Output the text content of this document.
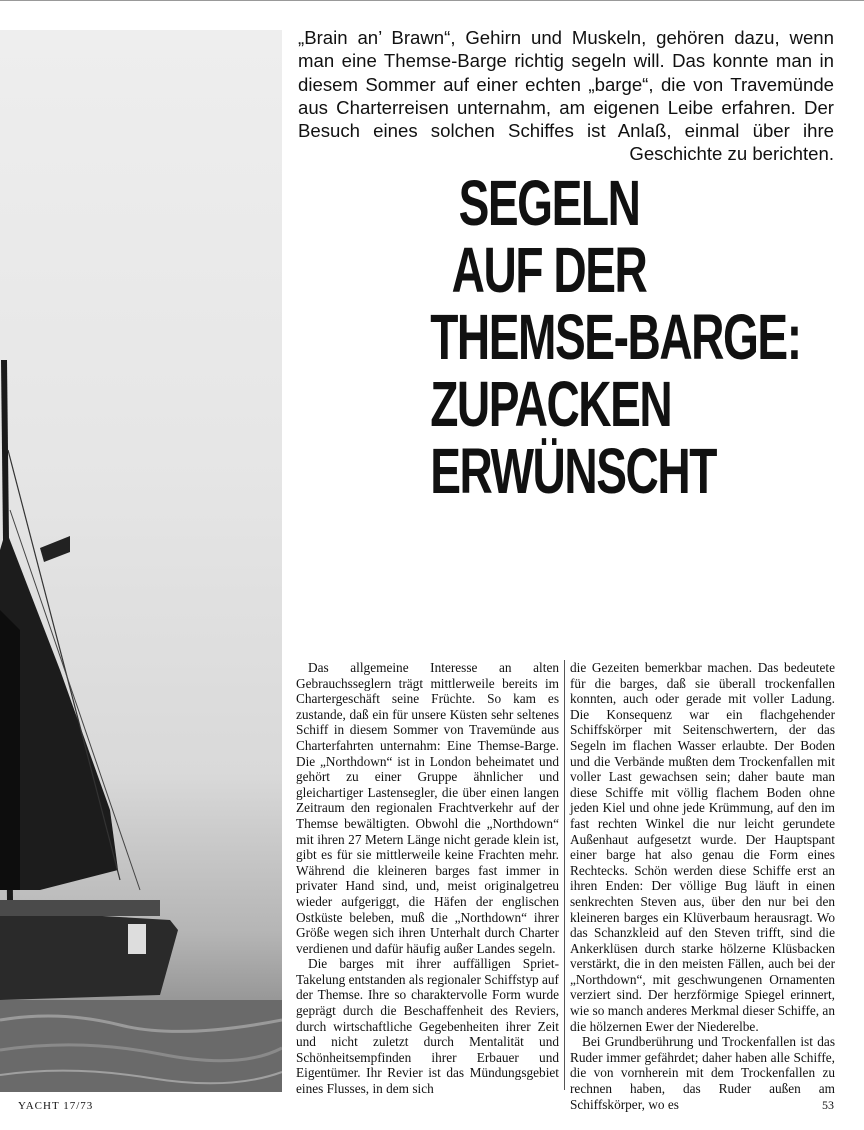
„Brain an’ Brawn“, Gehirn und Muskeln, gehören dazu, wenn man eine Themse-Barge richtig segeln will. Das konnte man in diesem Sommer auf einer echten „barge“, die von Travemünde aus Charterreisen unternahm, am eigenen Leibe erfahren. Der Besuch eines solchen Schiffes ist Anlaß, einmal über ihre Geschichte zu berichten.
SEGELN
AUF DER
THEMSE-BARGE:
ZUPACKEN
ERWÜNSCHT

Das allgemeine Interesse an alten Gebrauchsseglern trägt mittlerweile bereits im Chartergeschäft seine Früchte. So kam es zustande, daß ein für unsere Küsten sehr seltenes Schiff in diesem Sommer von Travemünde aus Charterfahrten unternahm: Eine Themse-Barge. Die „Northdown“ ist in London beheimatet und gehört zu einer Gruppe ähnlicher und gleichartiger Lastensegler, die über einen langen Zeitraum den regionalen Frachtverkehr auf der Themse bewältigten. Obwohl die „Northdown“ mit ihren 27 Metern Länge nicht gerade klein ist, gibt es für sie mittlerweile keine Frachten mehr. Während die kleineren barges fast immer in privater Hand sind, und, meist originalgetreu wieder aufgeriggt, die Häfen der englischen Ostküste beleben, muß die „Northdown“ ihrer Größe wegen sich ihren Unterhalt durch Charter verdienen und dafür häufig außer Landes segeln.

Die barges mit ihrer auffälligen Spriet-Takelung entstanden als regionaler Schiffstyp auf der Themse. Ihre so charaktervolle Form wurde geprägt durch die Beschaffenheit des Reviers, durch wirtschaftliche Gegebenheiten ihrer Zeit und nicht zuletzt durch Mentalität und Schönheitsempfinden ihrer Erbauer und Eigentümer. Ihr Revier ist das Mündungsgebiet eines Flusses, in dem sich

die Gezeiten bemerkbar machen. Das bedeutete für die barges, daß sie überall trockenfallen konnten, auch oder gerade mit voller Ladung. Die Konsequenz war ein flachgehender Schiffskörper mit Seitenschwertern, der das Segeln im flachen Wasser erlaubte. Der Boden und die Verbände mußten dem Trockenfallen mit voller Last gewachsen sein; daher baute man diese Schiffe mit völlig flachem Boden ohne jeden Kiel und ohne jede Krümmung, auf den im fast rechten Winkel die nur leicht gerundete Außenhaut aufgesetzt wurde. Der Hauptspant einer barge hat also genau die Form eines Rechtecks. Schön werden diese Schiffe erst an ihren Enden: Der völlige Bug läuft in einen senkrechten Steven aus, über den nur bei den kleineren barges ein Klüverbaum herausragt. Wo das Schanzkleid auf den Steven trifft, sind die Ankerklüsen durch starke hölzerne Klüsbacken verstärkt, die in den meisten Fällen, auch bei der „Northdown“, mit geschwungenen Ornamenten verziert sind. Der herzförmige Spiegel erinnert, wie so manch anderes Merkmal dieser Schiffe, an die hölzernen Ewer der Niederelbe.

Bei Grundberührung und Trockenfallen ist das Ruder immer gefährdet; daher haben alle Schiffe, die von vornherein mit dem Trockenfallen zu rechnen haben, das Ruder außen am Schiffskörper, wo es

YACHT 17/73	53
